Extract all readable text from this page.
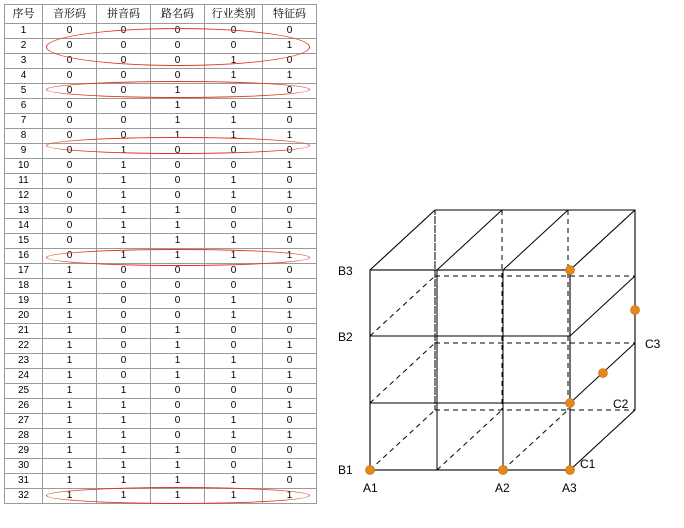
序号	音形码	拼音码	路名码	行业类别	特征码
1	0	0	0	0	0
2	0	0	0	0	1
3	0	0	0	1	0
4	0	0	0	1	1
5	0	0	1	0	0
6	0	0	1	0	1
7	0	0	1	1	0
8	0	0	1	1	1
9	0	1	0	0	0
10	0	1	0	0	1
11	0	1	0	1	0
12	0	1	0	1	1
13	0	1	1	0	0
14	0	1	1	0	1
15	0	1	1	1	0
16	0	1	1	1	1
17	1	0	0	0	0
18	1	0	0	0	1
19	1	0	0	1	0
20	1	0	0	1	1
21	1	0	1	0	0
22	1	0	1	0	1
23	1	0	1	1	0
24	1	0	1	1	1
25	1	1	0	0	0
26	1	1	0	0	1
27	1	1	0	1	0
28	1	1	0	1	1
29	1	1	1	0	0
30	1	1	1	0	1
31	1	1	1	1	0
32	1	1	1	1	1
B1
B2
B3
A1	A2	A3
C1
C2
C3
